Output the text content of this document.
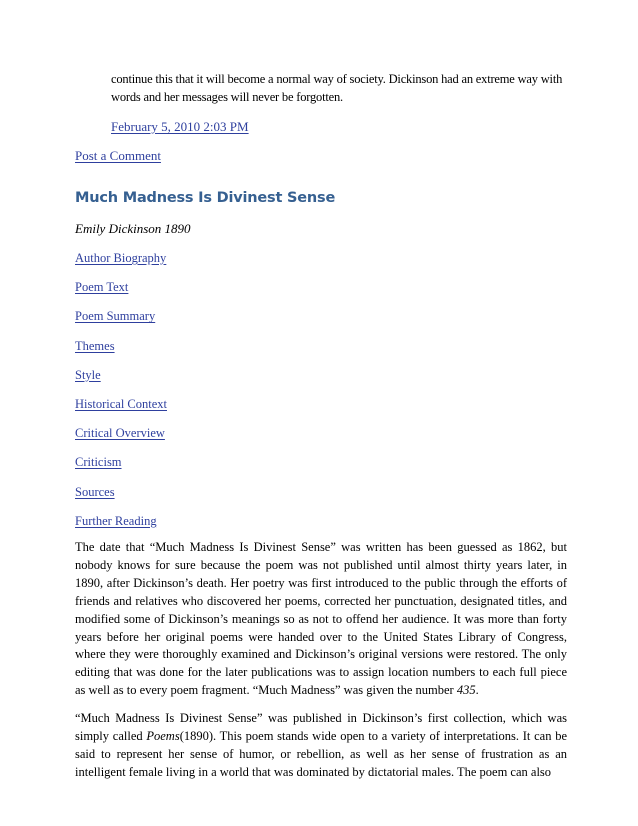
continue this that it will become a normal way of society. Dickinson had an extreme way with words and her messages will never be forgotten.
February 5, 2010 2:03 PM
Post a Comment
Much Madness Is Divinest Sense
Emily Dickinson 1890
Author Biography
Poem Text
Poem Summary
Themes
Style
Historical Context
Critical Overview
Criticism
Sources
Further Reading

The date that “Much Madness Is Divinest Sense” was written has been guessed as 1862, but nobody knows for sure because the poem was not published until almost thirty years later, in 1890, after Dickinson’s death. Her poetry was first introduced to the public through the efforts of friends and relatives who discovered her poems, corrected her punctuation, designated titles, and modified some of Dickinson’s meanings so as not to offend her audience. It was more than forty years before her original poems were handed over to the United States Library of Congress, where they were thoroughly examined and Dickinson’s original versions were restored. The only editing that was done for the later publications was to assign location numbers to each full piece as well as to every poem fragment. “Much Madness” was given the number 435.

“Much Madness Is Divinest Sense” was published in Dickinson’s first collection, which was simply called Poems(1890). This poem stands wide open to a variety of interpretations. It can be said to represent her sense of humor, or rebellion, as well as her sense of frustration as an intelligent female living in a world that was dominated by dictatorial males. The poem can also
